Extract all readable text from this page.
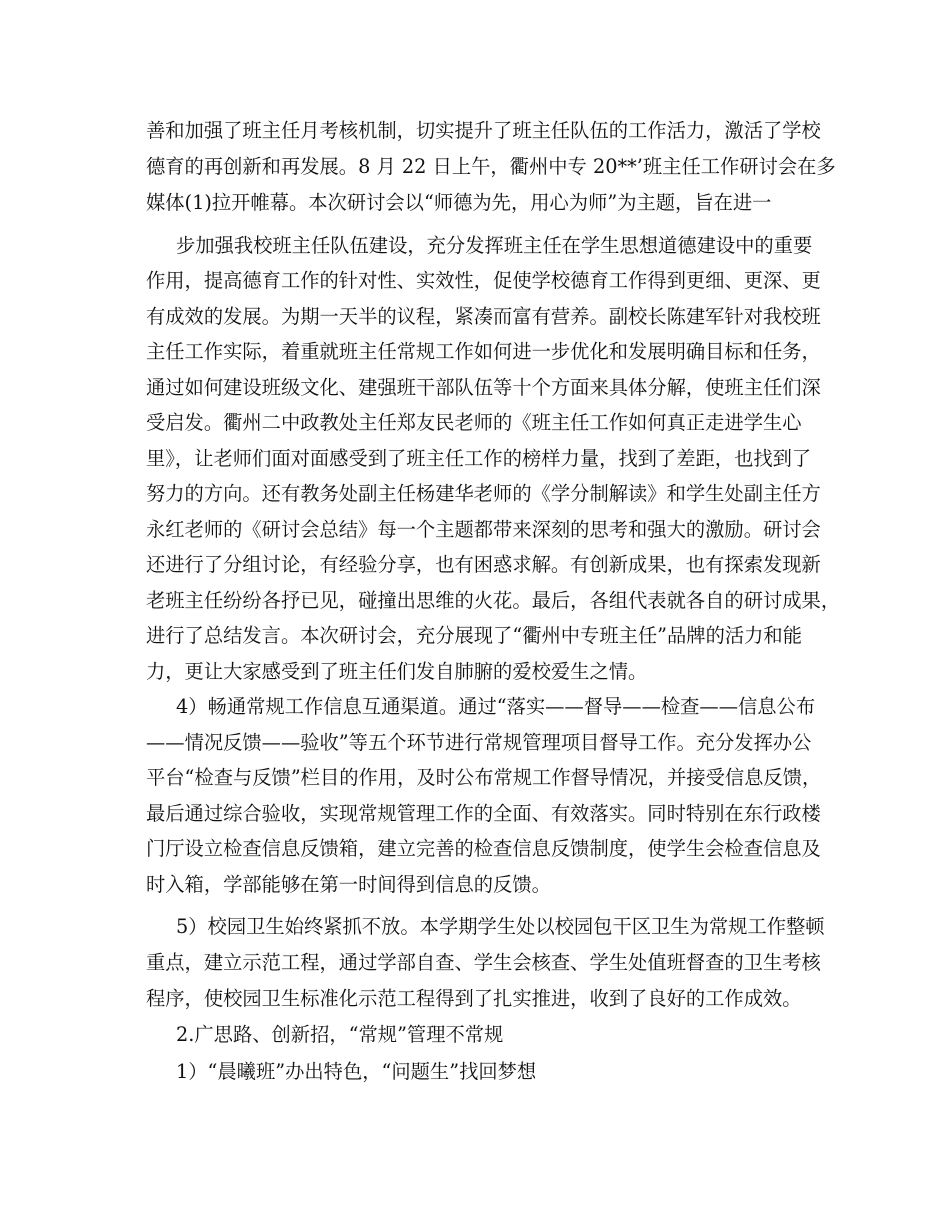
善和加强了班主任月考核机制，切实提升了班主任队伍的工作活力，激活了学校
德育的再创新和再发展。8 月 22 日上午，衢州中专 20**’班主任工作研讨会在多
媒体(1)拉开帷幕。本次研讨会以“师德为先，用心为师”为主题，旨在进一
步加强我校班主任队伍建设，充分发挥班主任在学生思想道德建设中的重要
作用，提高德育工作的针对性、实效性，促使学校德育工作得到更细、更深、更
有成效的发展。为期一天半的议程，紧凑而富有营养。副校长陈建军针对我校班
主任工作实际，着重就班主任常规工作如何进一步优化和发展明确目标和任务，
通过如何建设班级文化、建强班干部队伍等十个方面来具体分解，使班主任们深
受启发。衢州二中政教处主任郑友民老师的《班主任工作如何真正走进学生心
里》，让老师们面对面感受到了班主任工作的榜样力量，找到了差距，也找到了
努力的方向。还有教务处副主任杨建华老师的《学分制解读》和学生处副主任方
永红老师的《研讨会总结》每一个主题都带来深刻的思考和强大的激励。研讨会
还进行了分组讨论，有经验分享，也有困惑求解。有创新成果，也有探索发现新
老班主任纷纷各抒已见，碰撞出思维的火花。最后，各组代表就各自的研讨成果，
进行了总结发言。本次研讨会，充分展现了“衢州中专班主任”品牌的活力和能
力，更让大家感受到了班主任们发自肺腑的爱校爱生之情。
4）畅通常规工作信息互通渠道。通过“落实——督导——检查——信息公布
——情况反馈——验收”等五个环节进行常规管理项目督导工作。充分发挥办公
平台“检查与反馈”栏目的作用，及时公布常规工作督导情况，并接受信息反馈，
最后通过综合验收，实现常规管理工作的全面、有效落实。同时特别在东行政楼
门厅设立检查信息反馈箱，建立完善的检查信息反馈制度，使学生会检查信息及
时入箱，学部能够在第一时间得到信息的反馈。
5）校园卫生始终紧抓不放。本学期学生处以校园包干区卫生为常规工作整顿
重点，建立示范工程，通过学部自查、学生会核查、学生处值班督查的卫生考核
程序，使校园卫生标准化示范工程得到了扎实推进，收到了良好的工作成效。
2.广思路、创新招，“常规”管理不常规
1）“晨曦班”办出特色，“问题生”找回梦想
